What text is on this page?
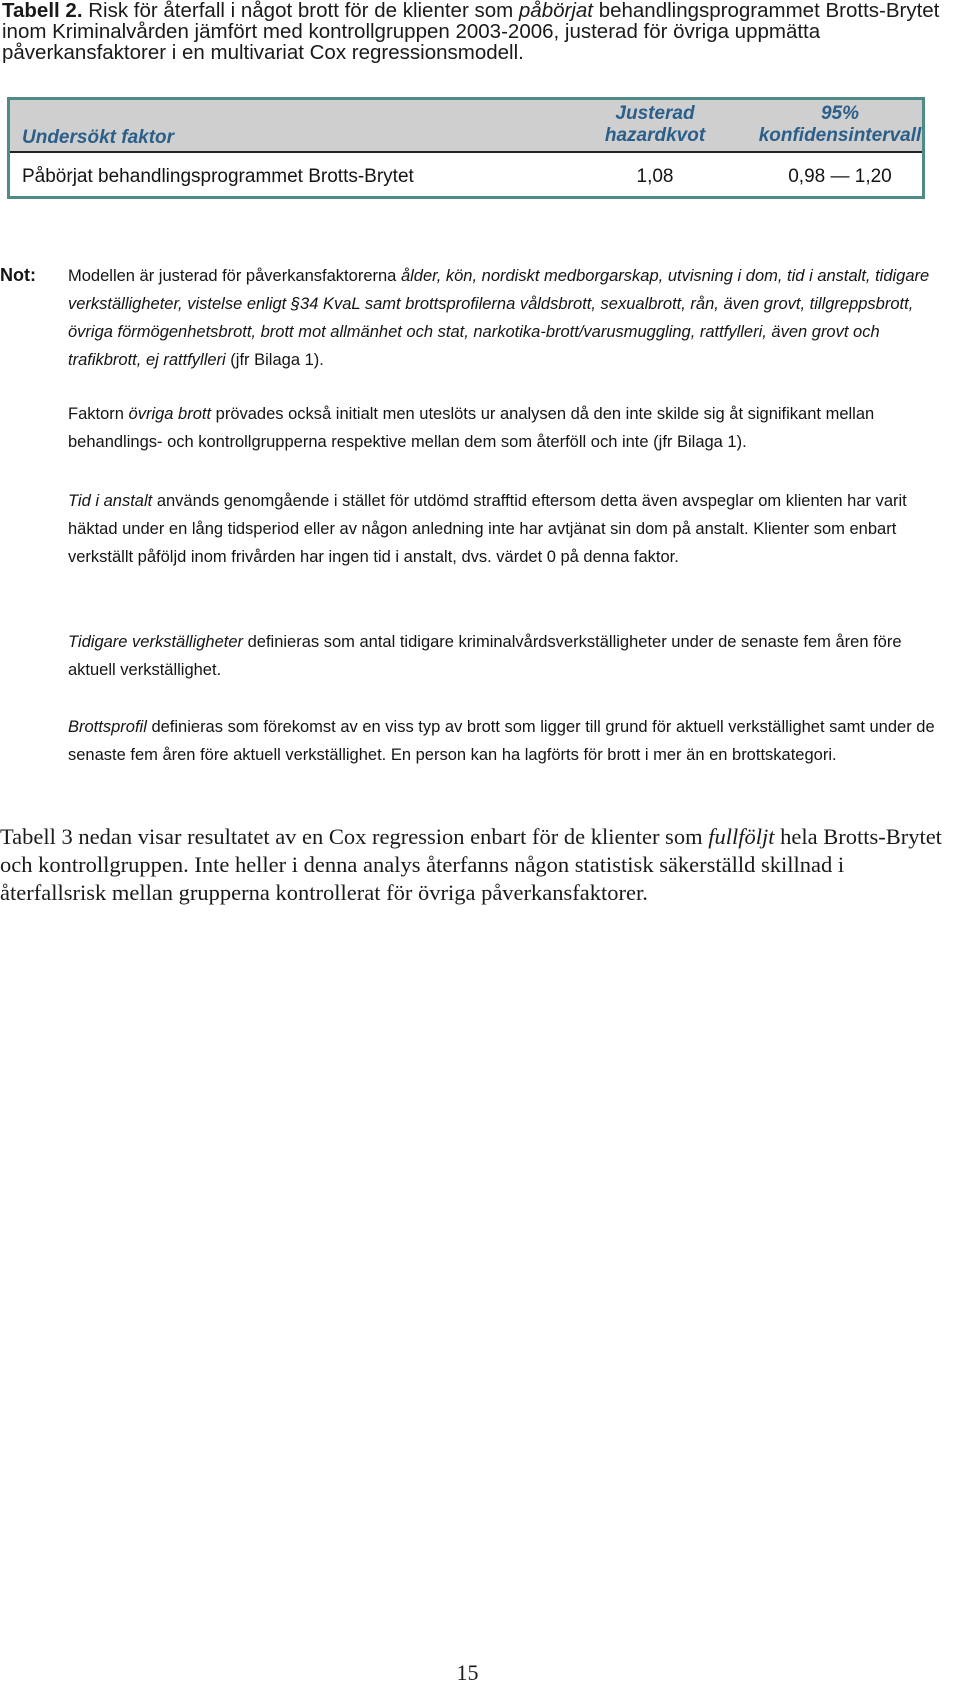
Tabell 2. Risk för återfall i något brott för de klienter som påbörjat behandlingsprogrammet Brotts-Brytet inom Kriminalvården jämfört med kontrollgruppen 2003-2006, justerad för övriga uppmätta påverkansfaktorer i en multivariat Cox regressionsmodell.
Undersökt faktor
Justerad
hazardkvot
95%
konfidensintervall
Påbörjat behandlingsprogrammet Brotts-Brytet	1,08	0,98 — 1,20
Not: Modellen är justerad för påverkansfaktorerna ålder, kön, nordiskt medborgarskap, utvisning i dom, tid i anstalt, tidigare verkställigheter, vistelse enligt §34 KvaL samt brottsprofilerna våldsbrott, sexualbrott, rån, även grovt, tillgreppsbrott, övriga förmögenhetsbrott, brott mot allmänhet och stat, narkotika-brott/varusmuggling, rattfylleri, även grovt och trafikbrott, ej rattfylleri (jfr Bilaga 1).
Faktorn övriga brott prövades också initialt men uteslöts ur analysen då den inte skilde sig åt signifikant mellan behandlings- och kontrollgrupperna respektive mellan dem som återföll och inte (jfr Bilaga 1).
Tid i anstalt används genomgående i stället för utdömd strafftid eftersom detta även avspeglar om klienten har varit häktad under en lång tidsperiod eller av någon anledning inte har avtjänat sin dom på anstalt. Klienter som enbart verkställt påföljd inom frivården har ingen tid i anstalt, dvs. värdet 0 på denna faktor.
Tidigare verkställigheter definieras som antal tidigare kriminalvårdsverkställigheter under de senaste fem åren före aktuell verkställighet.
Brottsprofil definieras som förekomst av en viss typ av brott som ligger till grund för aktuell verkställighet samt under de senaste fem åren före aktuell verkställighet. En person kan ha lagförts för brott i mer än en brottskategori.
Tabell 3 nedan visar resultatet av en Cox regression enbart för de klienter som fullföljt hela Brotts-Brytet och kontrollgruppen. Inte heller i denna analys återfanns någon statistisk säkerställd skillnad i återfallsrisk mellan grupperna kontrollerat för övriga påverkansfaktorer.
15
